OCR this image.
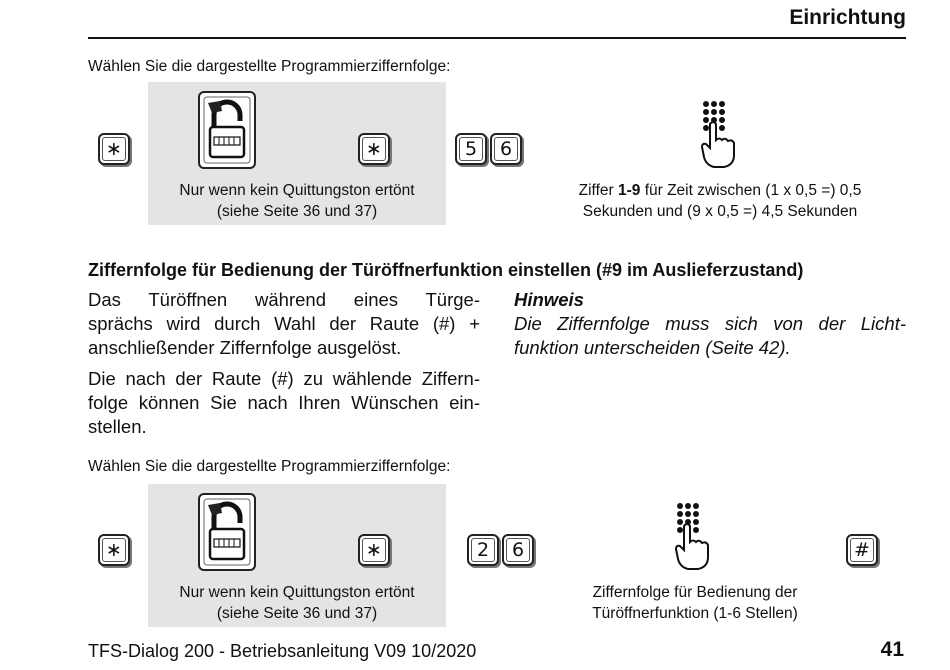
Einrichtung
Wählen Sie die dargestellte Programmierziffernfolge:
∗	∗
Nur wenn kein Quittungston ertönt
(siehe Seite 36 und 37)
5	6
Ziffer 1-9 für Zeit zwischen (1 x 0,5 =) 0,5
Sekunden und (9 x 0,5 =) 4,5 Sekunden
Ziffernfolge für Bedienung der Türöffnerfunktion einstellen (#9 im Auslieferzustand)
Das Türöffnen während eines Türge-
sprächs wird durch Wahl der Raute (#) +
anschließender Ziffernfolge ausgelöst.
Die nach der Raute (#) zu wählende Ziffern-
folge können Sie nach Ihren Wünschen ein-
stellen.
Hinweis
Die Ziffernfolge muss sich von der Licht-
funktion unterscheiden (Seite 42).
Wählen Sie die dargestellte Programmierziffernfolge:
∗	∗
Nur wenn kein Quittungston ertönt
(siehe Seite 36 und 37)
2	6
Ziffernfolge für Bedienung der
Türöffnerfunktion (1-6 Stellen)
#
TFS-Dialog 200 - Betriebsanleitung V09 10/2020	41
